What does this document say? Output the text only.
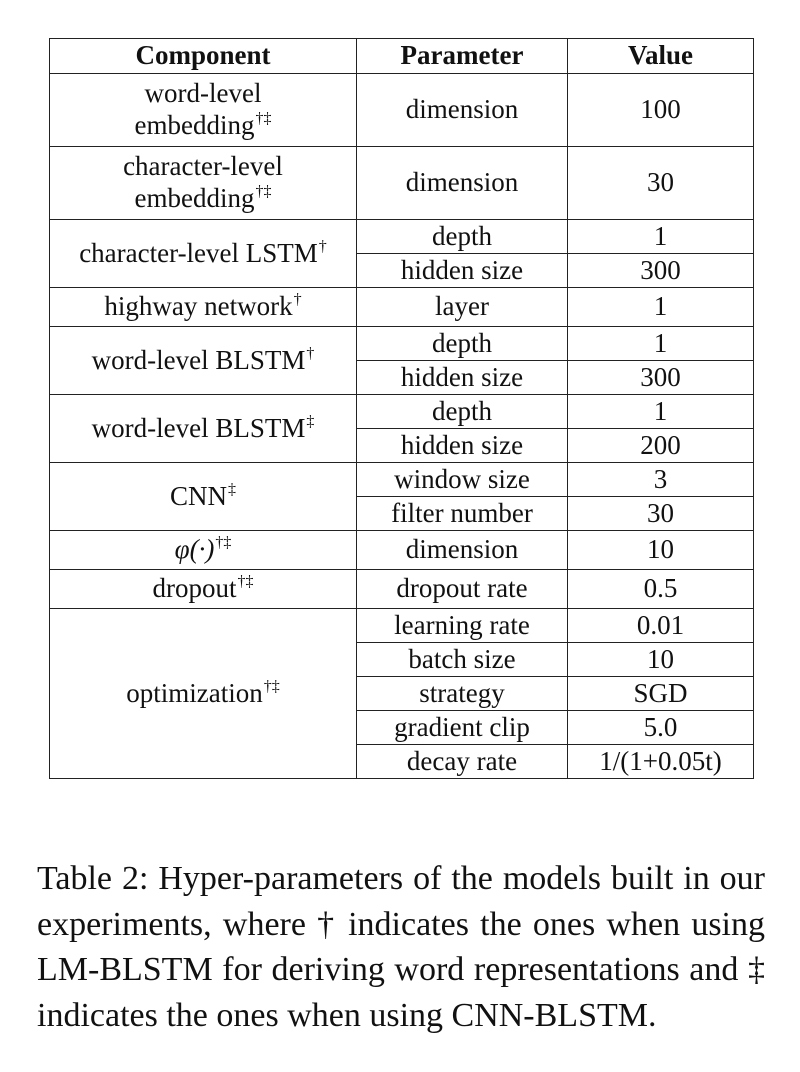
Component	Parameter	Value
word-level
embedding†‡	dimension	100
character-level
embedding†‡	dimension	30
character-level LSTM†	depth	1
	hidden size	300
highway network†	layer	1
word-level BLSTM†	depth	1
	hidden size	300
word-level BLSTM‡	depth	1
	hidden size	200
CNN‡	window size	3
	filter number	30
φ(·)†‡	dimension	10
dropout†‡	dropout rate	0.5
optimization†‡	learning rate	0.01
	batch size	10
	strategy	SGD
	gradient clip	5.0
	decay rate	1/(1+0.05t)

Table 2: Hyper-parameters of the models built in our experiments, where † indicates the ones when using LM-BLSTM for deriving word representations and ‡ indicates the ones when using CNN-BLSTM.
